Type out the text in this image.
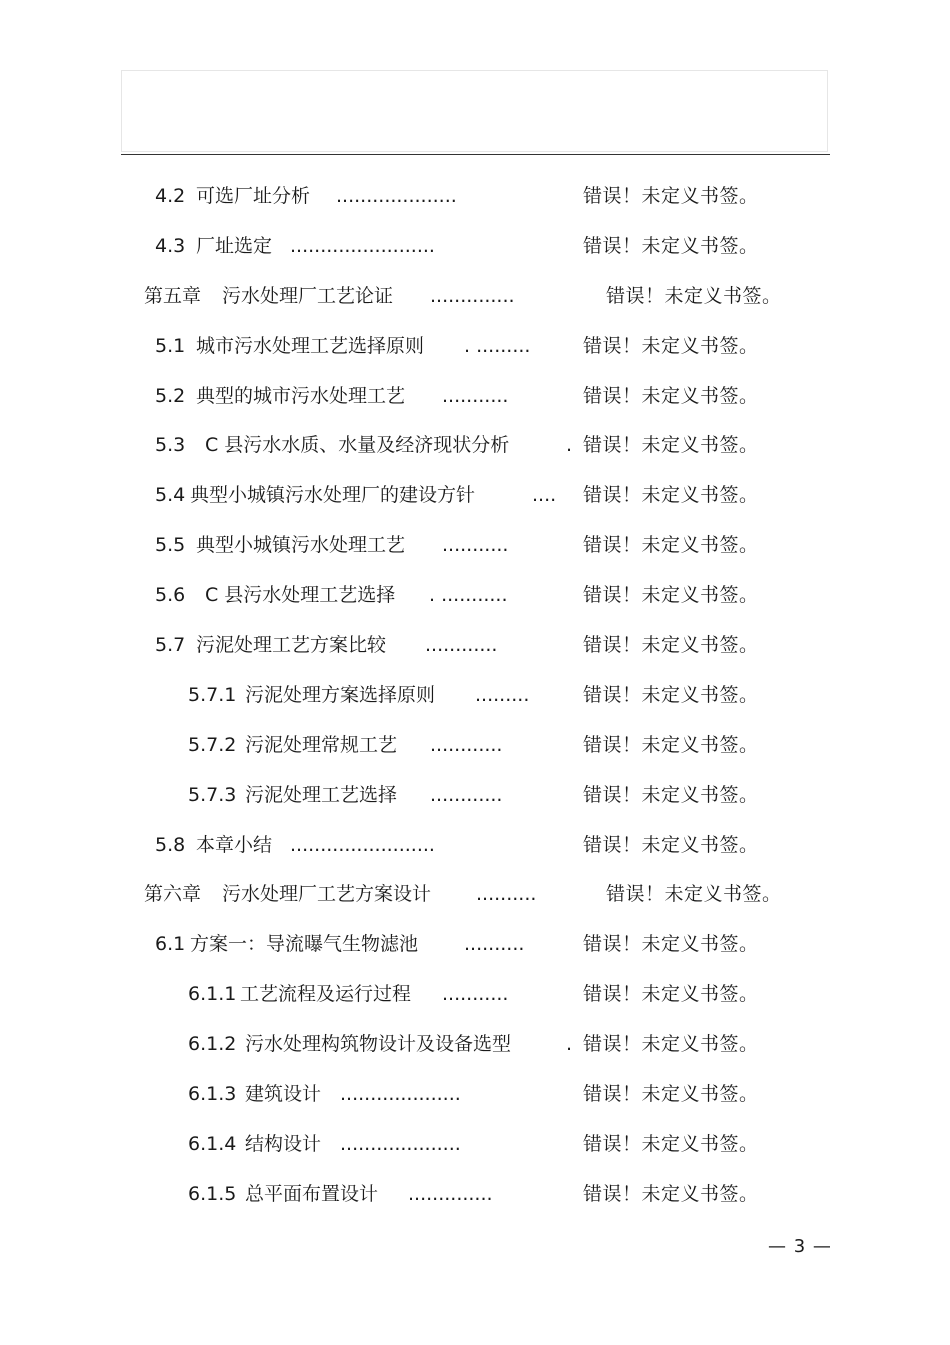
4.2 可选厂址分析 ....................	错误！未定义书签。
4.3 厂址选定 ........................	错误！未定义书签。
第五章 污水处理厂工艺论证 ..............	错误！未定义书签。
5.1 城市污水处理工艺选择原则 . .........	错误！未定义书签。
5.2 典型的城市污水处理工艺 ...........	错误！未定义书签。
5.3 C 县污水水质、水量及经济现状分析	. 错误！未定义书签。
5.4 典型小城镇污水处理厂的建设方针	.... 错误！未定义书签。
5.5 典型小城镇污水处理工艺 ...........	错误！未定义书签。
5.6 C 县污水处理工艺选择 . ...........	错误！未定义书签。
5.7 污泥处理工艺方案比较 ............	错误！未定义书签。
5.7.1 污泥处理方案选择原则 .........	错误！未定义书签。
5.7.2 污泥处理常规工艺 ............	错误！未定义书签。
5.7.3 污泥处理工艺选择 ............	错误！未定义书签。
5.8 本章小结 ........................	错误！未定义书签。
第六章 污水处理厂工艺方案设计 ..........	错误！未定义书签。
6.1 方案一：导流曝气生物滤池 ..........	错误！未定义书签。
6.1.1 工艺流程及运行过程 ...........	错误！未定义书签。
6.1.2 污水处理构筑物设计及设备选型	. 错误！未定义书签。
6.1.3 建筑设计 ....................	错误！未定义书签。
6.1.4 结构设计 ....................	错误！未定义书签。
6.1.5 总平面布置设计 ..............	错误！未定义书签。
— 3 —
